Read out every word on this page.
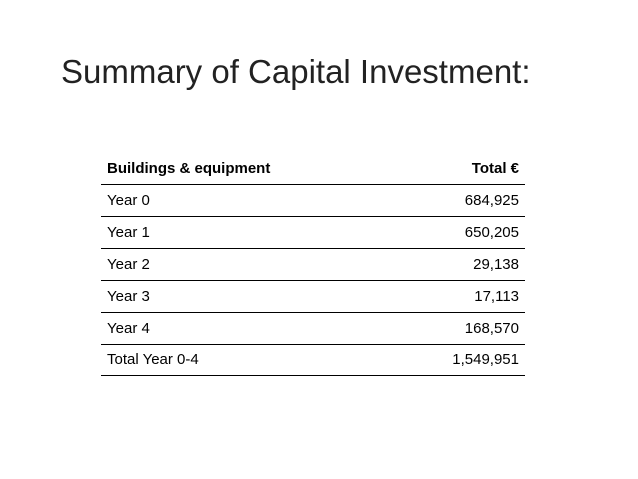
Summary of Capital Investment:
Buildings & equipment	Total €
Year 0	684,925
Year 1	650,205
Year 2	29,138
Year 3	17,113
Year 4	168,570
Total Year 0-4	1,549,951
